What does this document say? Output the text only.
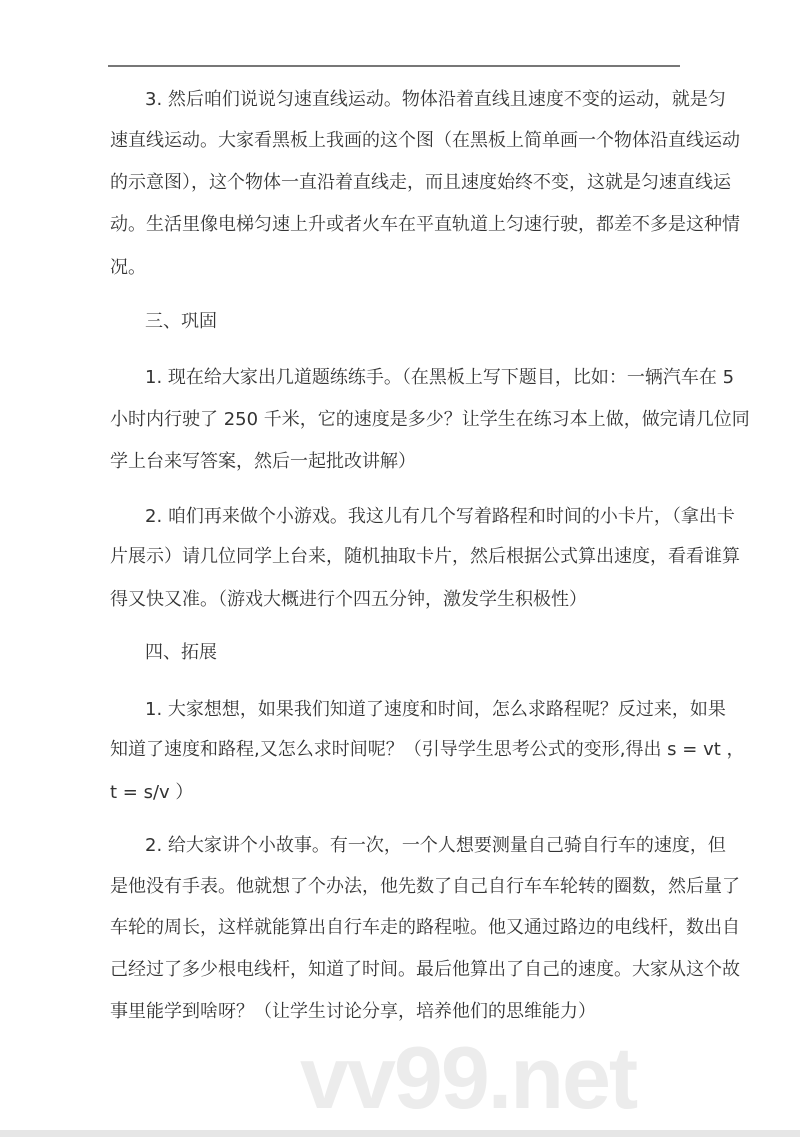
3. 然后咱们说说匀速直线运动。物体沿着直线且速度不变的运动，就是匀
速直线运动。大家看黑板上我画的这个图（在黑板上简单画一个物体沿直线运动
的示意图），这个物体一直沿着直线走，而且速度始终不变，这就是匀速直线运
动。生活里像电梯匀速上升或者火车在平直轨道上匀速行驶，都差不多是这种情
况。
三、巩固
1. 现在给大家出几道题练练手。（在黑板上写下题目，比如：一辆汽车在 5
小时内行驶了 250 千米，它的速度是多少？让学生在练习本上做，做完请几位同
学上台来写答案，然后一起批改讲解）
2. 咱们再来做个小游戏。我这儿有几个写着路程和时间的小卡片，（拿出卡
片展示）请几位同学上台来，随机抽取卡片，然后根据公式算出速度，看看谁算
得又快又准。（游戏大概进行个四五分钟，激发学生积极性）
四、拓展
1. 大家想想，如果我们知道了速度和时间，怎么求路程呢？反过来，如果
知道了速度和路程,又怎么求时间呢？（引导学生思考公式的变形,得出 s = vt ，
t = s/v ）
2. 给大家讲个小故事。有一次，一个人想要测量自己骑自行车的速度，但
是他没有手表。他就想了个办法，他先数了自己自行车车轮转的圈数，然后量了
车轮的周长，这样就能算出自行车走的路程啦。他又通过路边的电线杆，数出自
己经过了多少根电线杆，知道了时间。最后他算出了自己的速度。大家从这个故
事里能学到啥呀？（让学生讨论分享，培养他们的思维能力）
vv99.net
